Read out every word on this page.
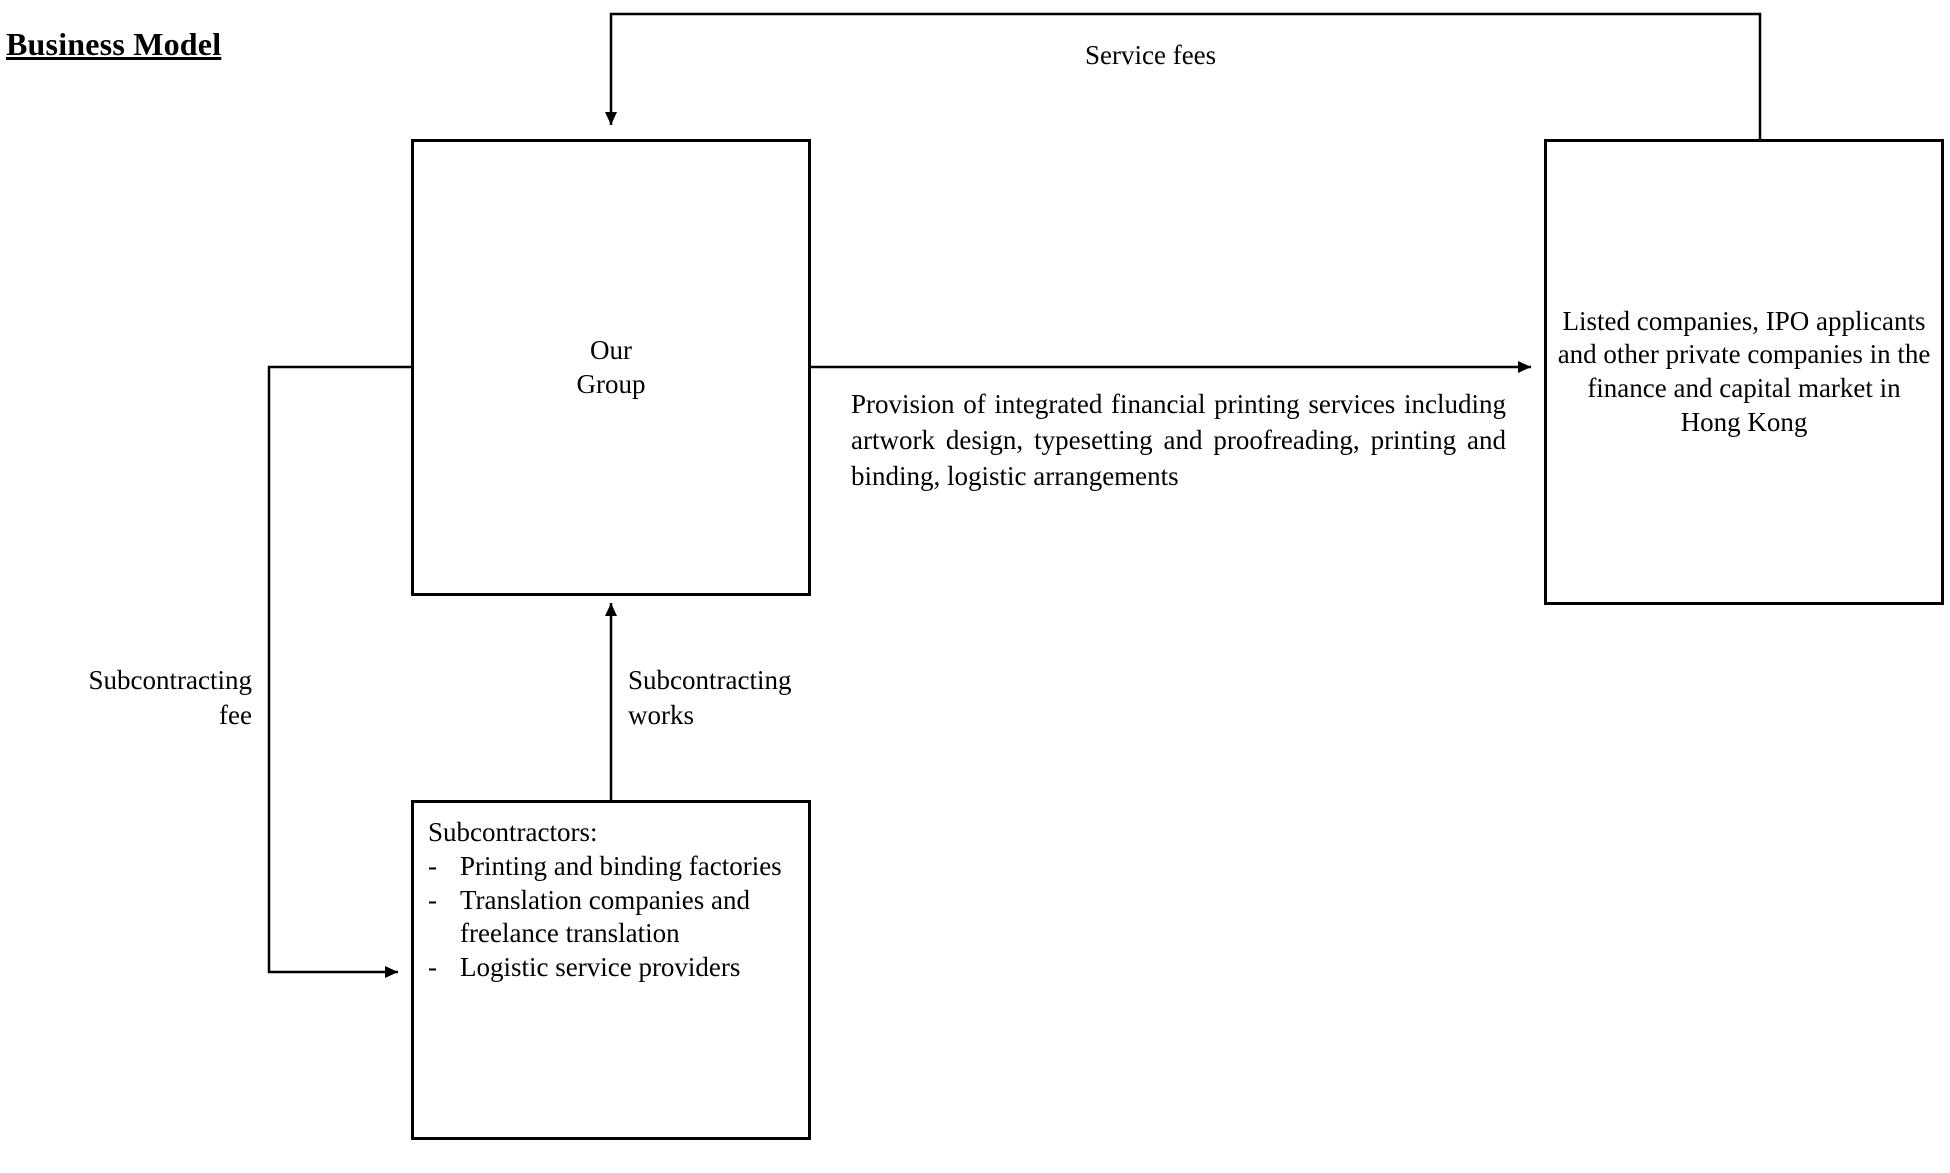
Business Model
Our
Group
Listed companies, IPO applicants and other private companies in the finance and capital market in Hong Kong
Subcontractors:
- Printing and binding factories
- Translation companies and freelance translation
- Logistic service providers
Service fees
Provision of integrated financial printing services including artwork design, typesetting and proofreading, printing and binding, logistic arrangements
Subcontracting
works
Subcontracting
fee
